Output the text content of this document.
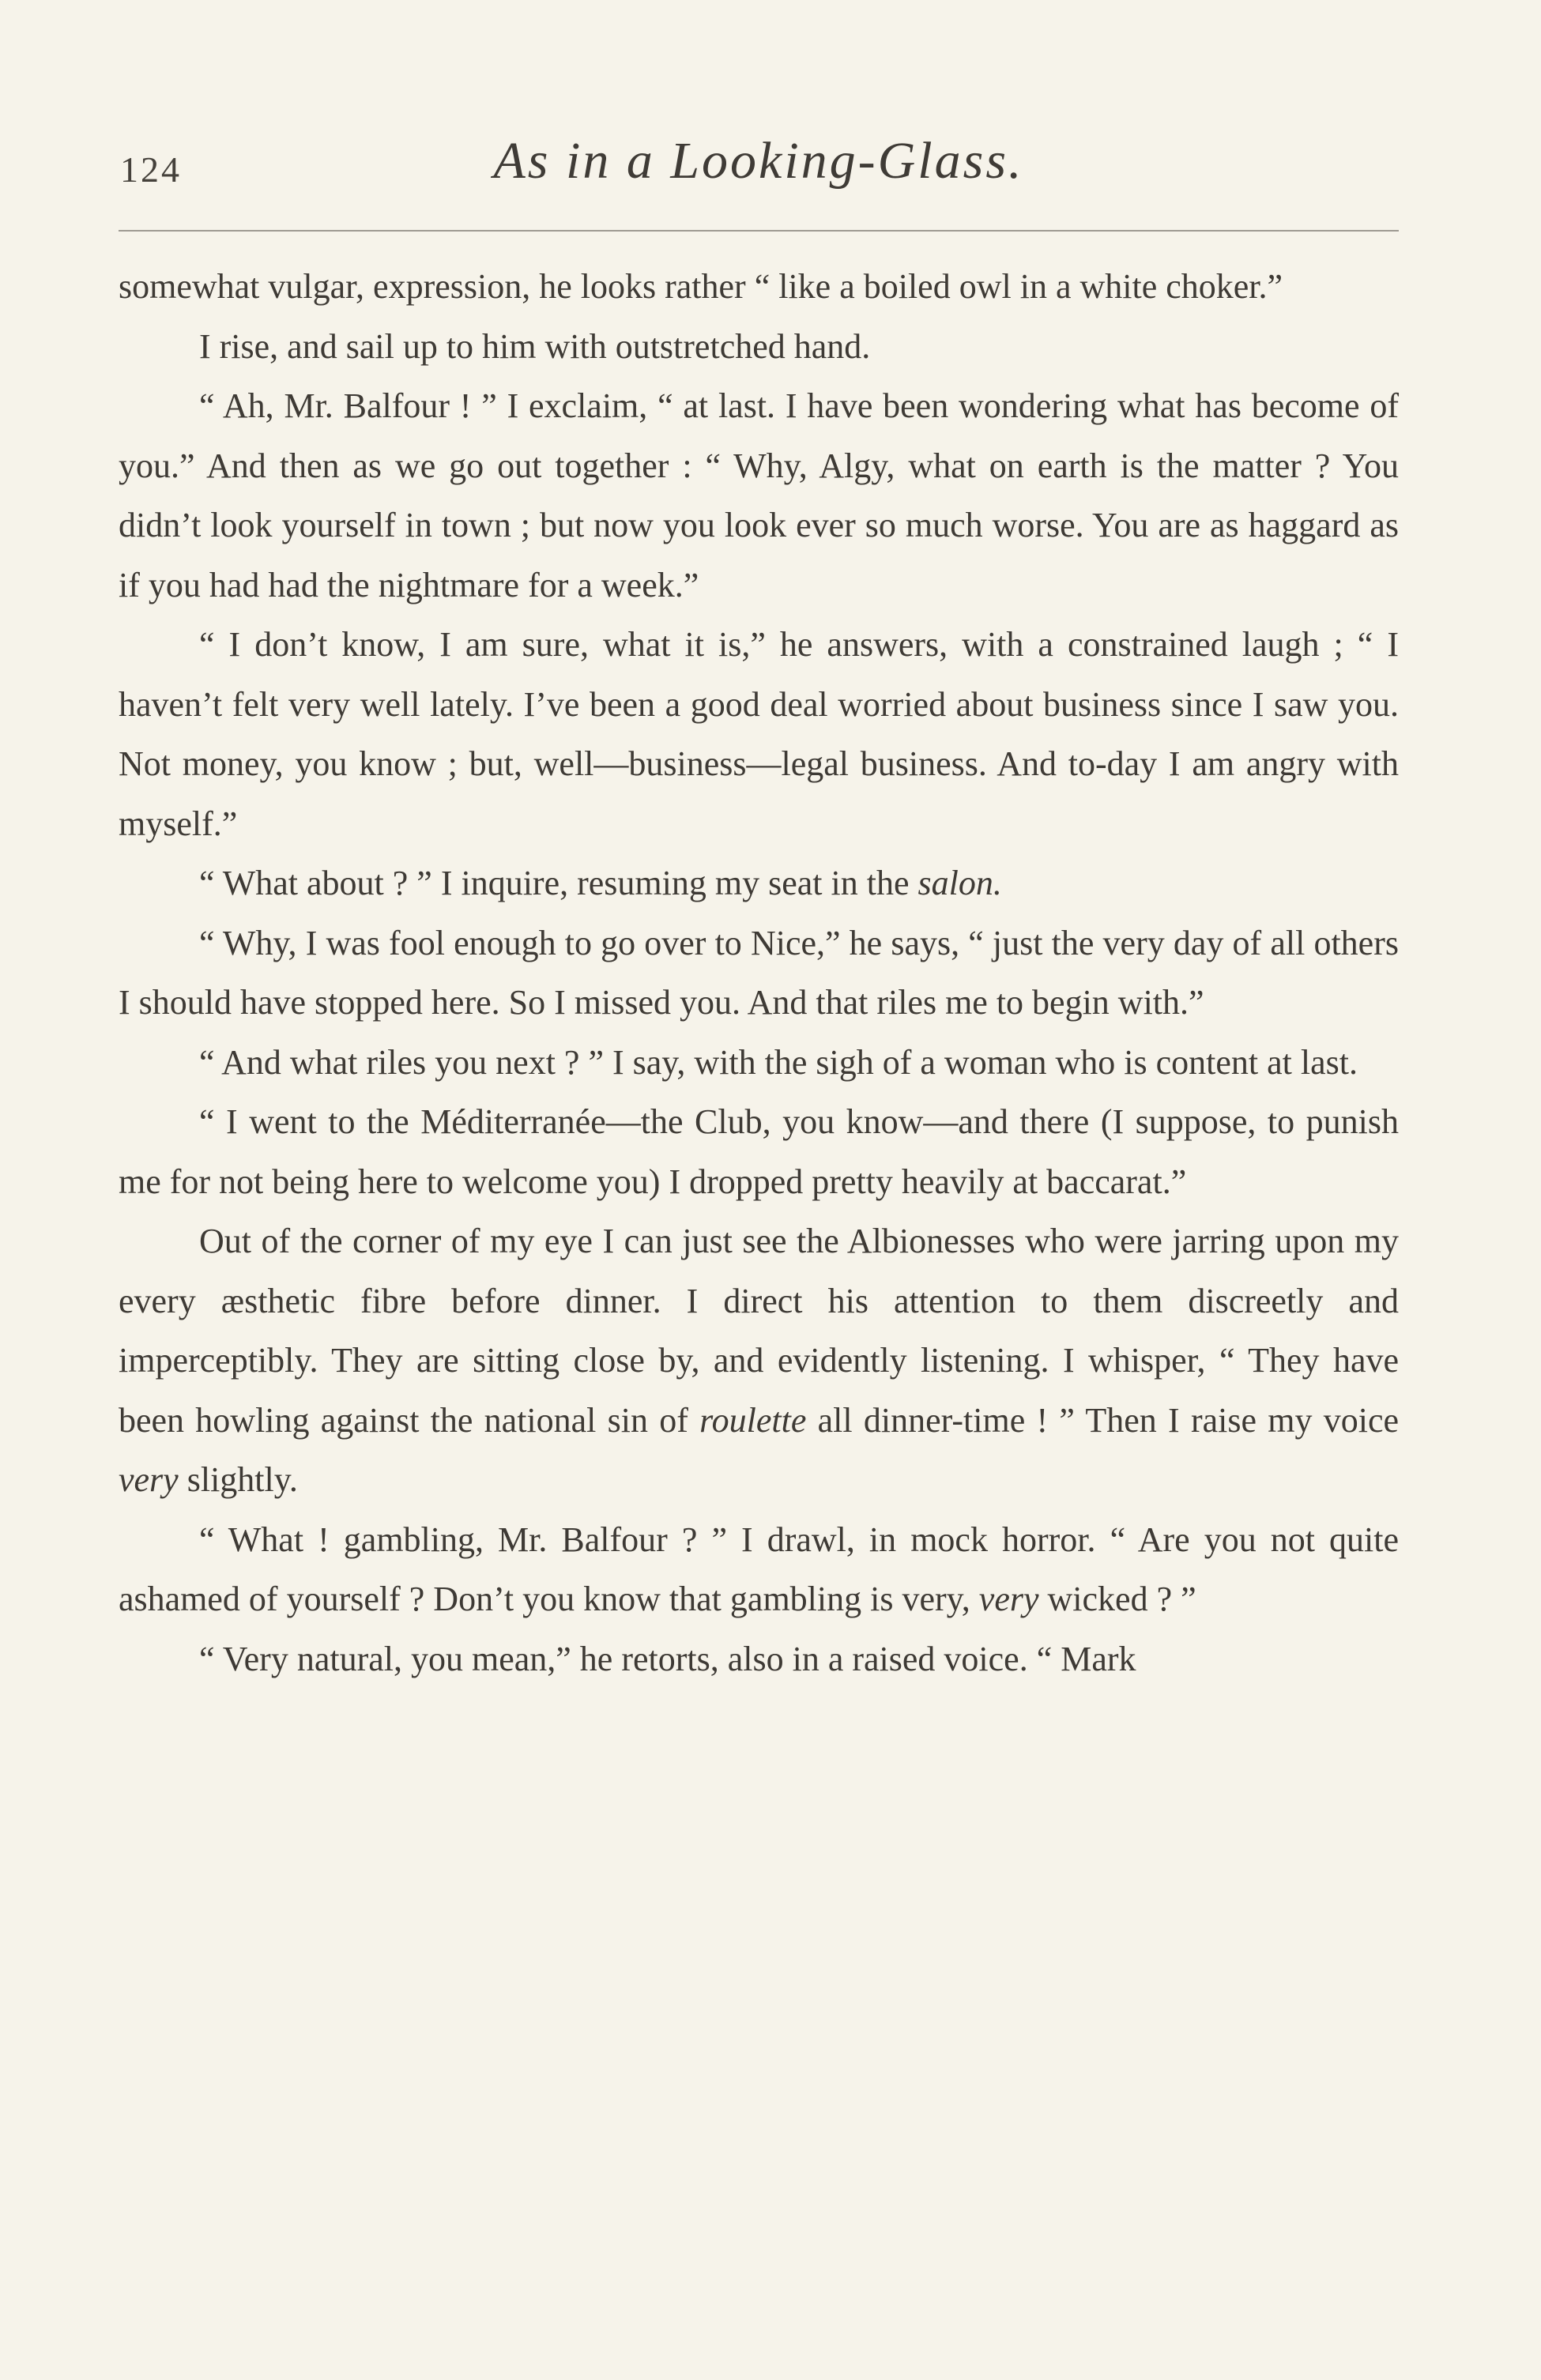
124	As in a Looking-Glass.

somewhat vulgar, expression, he looks rather “ like a boiled owl in a white choker.”

I rise, and sail up to him with outstretched hand.

“ Ah, Mr. Balfour ! ” I exclaim, “ at last. I have been wondering what has become of you.” And then as we go out together : “ Why, Algy, what on earth is the matter ? You didn’t look yourself in town ; but now you look ever so much worse. You are as haggard as if you had had the nightmare for a week.”

“ I don’t know, I am sure, what it is,” he answers, with a constrained laugh ; “ I haven’t felt very well lately. I’ve been a good deal worried about business since I saw you. Not money, you know ; but, well—business—legal business. And to-day I am angry with myself.”

“ What about ? ” I inquire, resuming my seat in the salon.

“ Why, I was fool enough to go over to Nice,” he says, “ just the very day of all others I should have stopped here. So I missed you. And that riles me to begin with.”

“ And what riles you next ? ” I say, with the sigh of a woman who is content at last.

“ I went to the Méditerranée—the Club, you know—and there (I suppose, to punish me for not being here to welcome you) I dropped pretty heavily at baccarat.”

Out of the corner of my eye I can just see the Albionesses who were jarring upon my every æsthetic fibre before dinner. I direct his attention to them discreetly and imperceptibly. They are sitting close by, and evidently listening. I whisper, “ They have been howling against the national sin of roulette all dinner-time ! ” Then I raise my voice very slightly.

“ What ! gambling, Mr. Balfour ? ” I drawl, in mock horror. “ Are you not quite ashamed of yourself ? Don’t you know that gambling is very, very wicked ? ”

“ Very natural, you mean,” he retorts, also in a raised voice. “ Mark
